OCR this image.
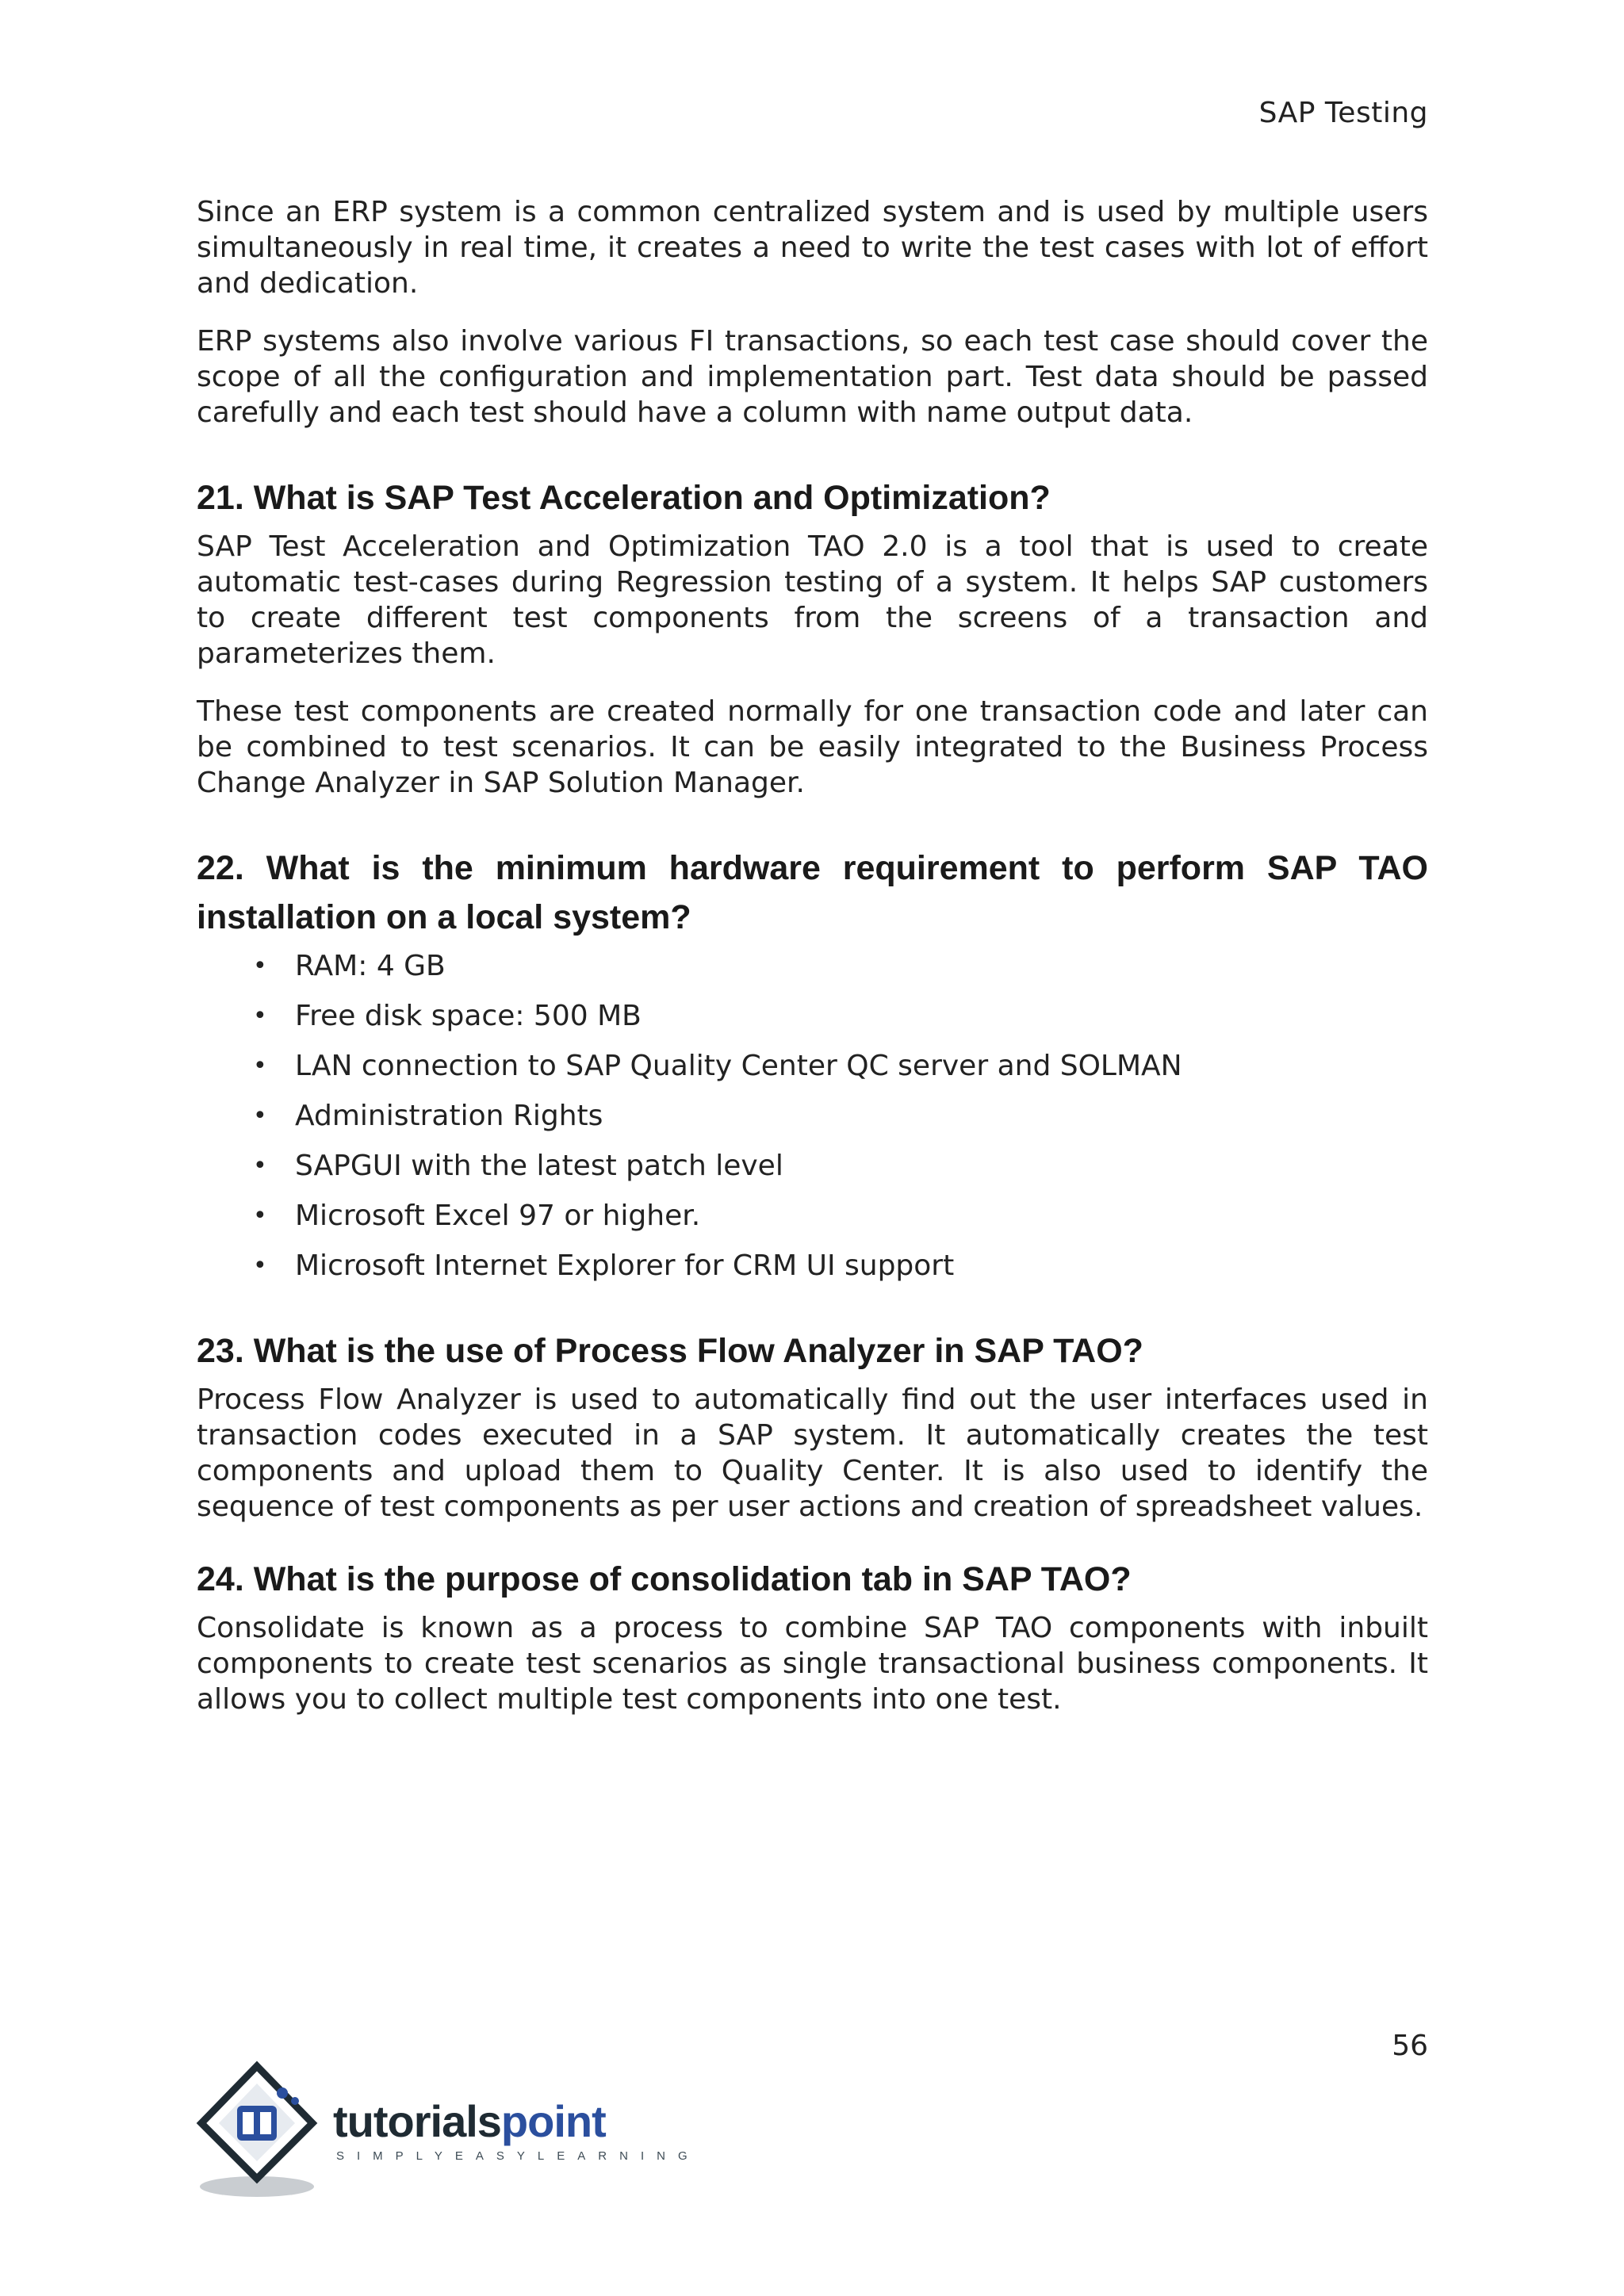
SAP Testing

Since an ERP system is a common centralized system and is used by multiple users simultaneously in real time, it creates a need to write the test cases with lot of effort and dedication.

ERP systems also involve various FI transactions, so each test case should cover the scope of all the configuration and implementation part. Test data should be passed carefully and each test should have a column with name output data.

21. What is SAP Test Acceleration and Optimization?

SAP Test Acceleration and Optimization TAO 2.0 is a tool that is used to create automatic test-cases during Regression testing of a system. It helps SAP customers to create different test components from the screens of a transaction and parameterizes them.

These test components are created normally for one transaction code and later can be combined to test scenarios. It can be easily integrated to the Business Process Change Analyzer in SAP Solution Manager.

22. What is the minimum hardware requirement to perform SAP TAO installation on a local system?
• RAM: 4 GB
• Free disk space: 500 MB
• LAN connection to SAP Quality Center QC server and SOLMAN
• Administration Rights
• SAPGUI with the latest patch level
• Microsoft Excel 97 or higher.
• Microsoft Internet Explorer for CRM UI support
23. What is the use of Process Flow Analyzer in SAP TAO?

Process Flow Analyzer is used to automatically find out the user interfaces used in transaction codes executed in a SAP system. It automatically creates the test components and upload them to Quality Center. It is also used to identify the sequence of test components as per user actions and creation of spreadsheet values.

24. What is the purpose of consolidation tab in SAP TAO?

Consolidate is known as a process to combine SAP TAO components with inbuilt components to create test scenarios as single transactional business components. It allows you to collect multiple test components into one test.

56
tutorialspoint
SIMPLYEASYLEARNING
